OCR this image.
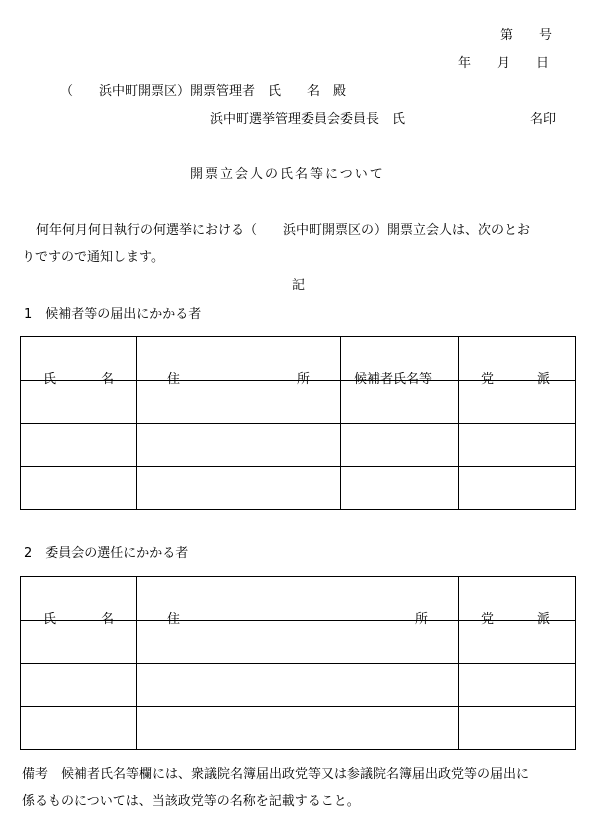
第　　号
年　　月　　日
（　　浜中町開票区）開票管理者　氏　　名　殿
浜中町選挙管理委員会委員長　氏	名印
開票立会人の氏名等について
何年何月何日執行の何選挙における（　　浜中町開票区の）開票立会人は、次のとお
りですので通知します。
記
1　候補者等の届出にかかる者
氏 名	住 所	候補者氏名等	党 派

2　委員会の選任にかかる者
氏 名	住 所	党 派

備考　候補者氏名等欄には、衆議院名簿届出政党等又は参議院名簿届出政党等の届出に
係るものについては、当該政党等の名称を記載すること。
